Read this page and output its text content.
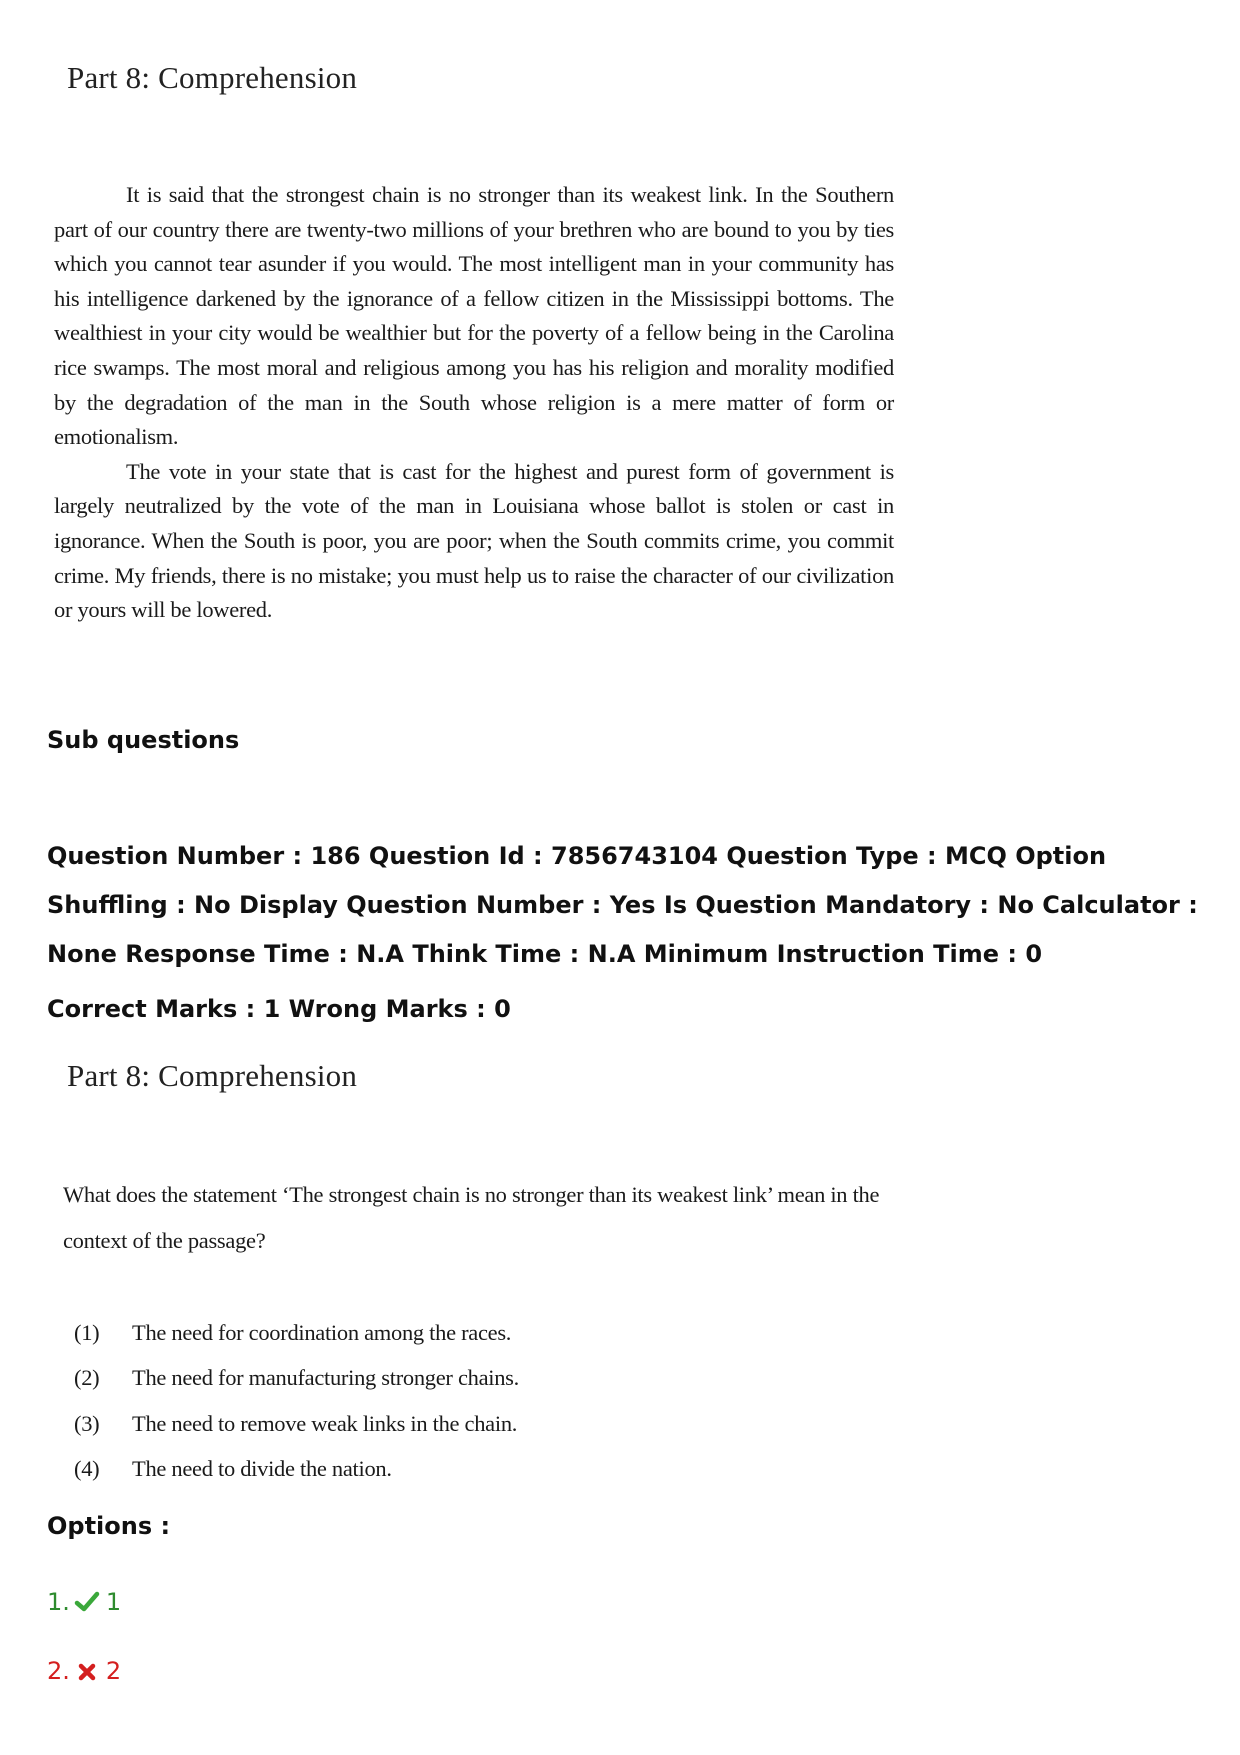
Part 8: Comprehension

It is said that the strongest chain is no stronger than its weakest link. In the Southern part of our country there are twenty-two millions of your brethren who are bound to you by ties which you cannot tear asunder if you would. The most intelligent man in your community has his intelligence darkened by the ignorance of a fellow citizen in the Mississippi bottoms. The wealthiest in your city would be wealthier but for the poverty of a fellow being in the Carolina rice swamps. The most moral and religious among you has his religion and morality modified by the degradation of the man in the South whose religion is a mere matter of form or emotionalism.

The vote in your state that is cast for the highest and purest form of government is largely neutralized by the vote of the man in Louisiana whose ballot is stolen or cast in ignorance. When the South is poor, you are poor; when the South commits crime, you commit crime. My friends, there is no mistake; you must help us to raise the character of our civilization or yours will be lowered.

Sub questions

Question Number : 186 Question Id : 7856743104 Question Type : MCQ Option Shuffling : No Display Question Number : Yes Is Question Mandatory : No Calculator : None Response Time : N.A Think Time : N.A Minimum Instruction Time : 0

Correct Marks : 1 Wrong Marks : 0

Part 8: Comprehension
What does the statement ‘The strongest chain is no stronger than its weakest link’ mean in the
context of the passage?
(1)	The need for coordination among the races.
(2)	The need for manufacturing stronger chains.
(3)	The need to remove weak links in the chain.
(4)	The need to divide the nation.
Options :
1. 1
2. 2
